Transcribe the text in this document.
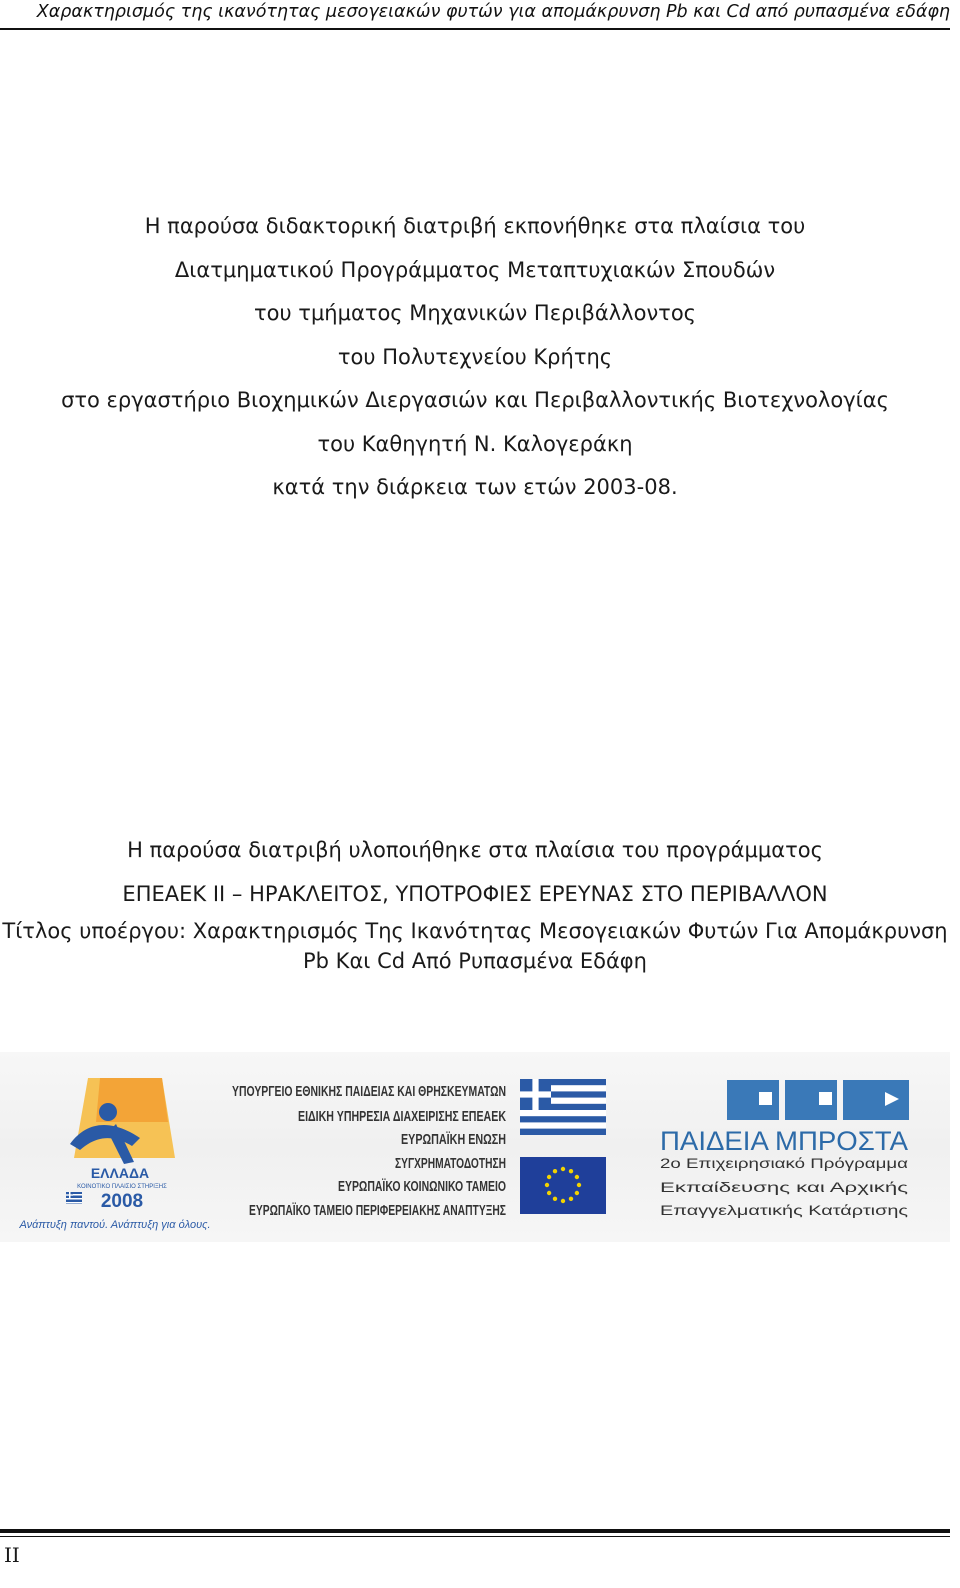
Χαρακτηρισμός της ικανότητας μεσογειακών φυτών για απομάκρυνση Pb και Cd από ρυπασμένα εδάφη
Η παρούσα διδακτορική διατριβή εκπονήθηκε στα πλαίσια του
Διατμηματικού Προγράμματος Μεταπτυχιακών Σπουδών
του τμήματος Μηχανικών Περιβάλλοντος
του Πολυτεχνείου Κρήτης
στο εργαστήριο Βιοχημικών Διεργασιών και Περιβαλλοντικής Βιοτεχνολογίας
του Καθηγητή Ν. Καλογεράκη
κατά την διάρκεια των ετών 2003-08.
Η παρούσα διατριβή υλοποιήθηκε στα πλαίσια του προγράμματος
ΕΠΕΑΕΚ ΙΙ – ΗΡΑΚΛΕΙΤΟΣ, ΥΠΟΤΡΟΦΙΕΣ ΕΡΕΥΝΑΣ ΣΤΟ ΠΕΡΙΒΑΛΛΟΝ
Τίτλος υποέργου: Χαρακτηρισμός Της Ικανότητας Μεσογειακών Φυτών Για Απομάκρυνση
Pb Και Cd Από Ρυπασμένα Εδάφη
ΕΛΛΑΔΑ
ΚΟΙΝΟΤΙΚΟ ΠΛΑΙΣΙΟ ΣΤΗΡΙΞΗΣ
2008
Ανάπτυξη παντού. Ανάπτυξη για όλους.
ΥΠΟΥΡΓΕΙΟ ΕΘΝΙΚΗΣ ΠΑΙΔΕΙΑΣ ΚΑΙ ΘΡΗΣΚΕΥΜΑΤΩΝ
ΕΙΔΙΚΗ ΥΠΗΡΕΣΙΑ ΔΙΑΧΕΙΡΙΣΗΣ ΕΠΕΑΕΚ
ΕΥΡΩΠΑΪΚΗ ΕΝΩΣΗ
ΣΥΓΧΡΗΜΑΤΟΔΟΤΗΣΗ
ΕΥΡΩΠΑΪΚΟ ΚΟΙΝΩΝΙΚΟ ΤΑΜΕΙΟ
ΕΥΡΩΠΑΪΚΟ ΤΑΜΕΙΟ ΠΕΡΙΦΕΡΕΙΑΚΗΣ ΑΝΑΠΤΥΞΗΣ
ΠΑΙΔΕΙΑ ΜΠΡΟΣΤΑ
2ο Επιχειρησιακό Πρόγραμμα
Εκπαίδευσης και Αρχικής
Επαγγελματικής Κατάρτισης
II
